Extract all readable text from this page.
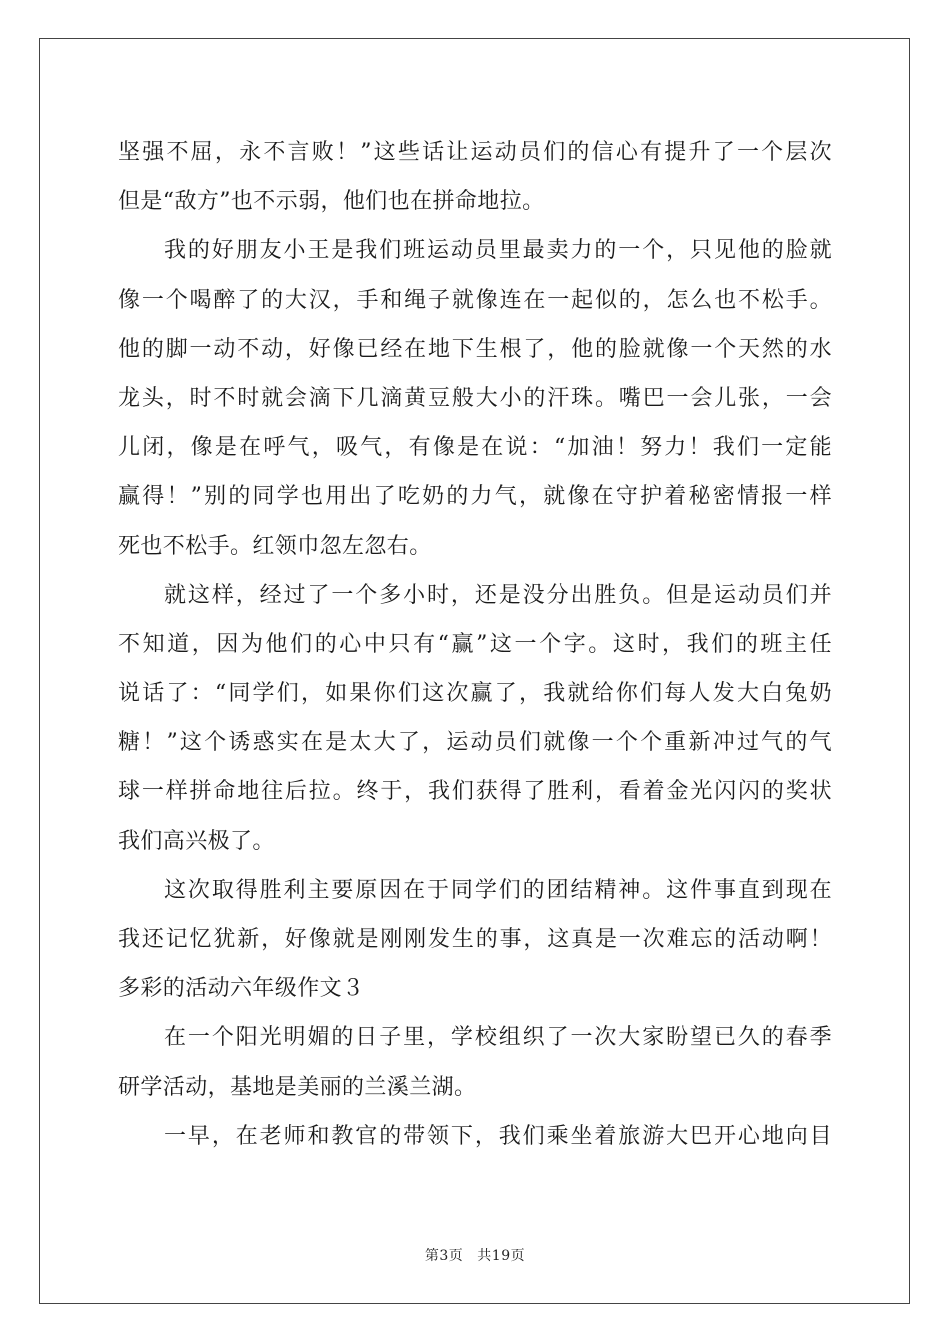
坚强不屈，永不言败！”这些话让运动员们的信心有提升了一个层次
但是“敌方”也不示弱，他们也在拼命地拉。
我的好朋友小王是我们班运动员里最卖力的一个，只见他的脸就
像一个喝醉了的大汉，手和绳子就像连在一起似的，怎么也不松手。
他的脚一动不动，好像已经在地下生根了，他的脸就像一个天然的水
龙头，时不时就会滴下几滴黄豆般大小的汗珠。嘴巴一会儿张，一会
儿闭，像是在呼气，吸气，有像是在说：“加油！努力！我们一定能
赢得！”别的同学也用出了吃奶的力气，就像在守护着秘密情报一样
死也不松手。红领巾忽左忽右。
就这样，经过了一个多小时，还是没分出胜负。但是运动员们并
不知道，因为他们的心中只有“赢”这一个字。这时，我们的班主任
说话了：“同学们，如果你们这次赢了，我就给你们每人发大白兔奶
糖！”这个诱惑实在是太大了，运动员们就像一个个重新冲过气的气
球一样拼命地往后拉。终于，我们获得了胜利，看着金光闪闪的奖状
我们高兴极了。
这次取得胜利主要原因在于同学们的团结精神。这件事直到现在
我还记忆犹新，好像就是刚刚发生的事，这真是一次难忘的活动啊！
多彩的活动六年级作文３
在一个阳光明媚的日子里，学校组织了一次大家盼望已久的春季
研学活动，基地是美丽的兰溪兰湖。
一早，在老师和教官的带领下，我们乘坐着旅游大巴开心地向目
第3页 共19页
